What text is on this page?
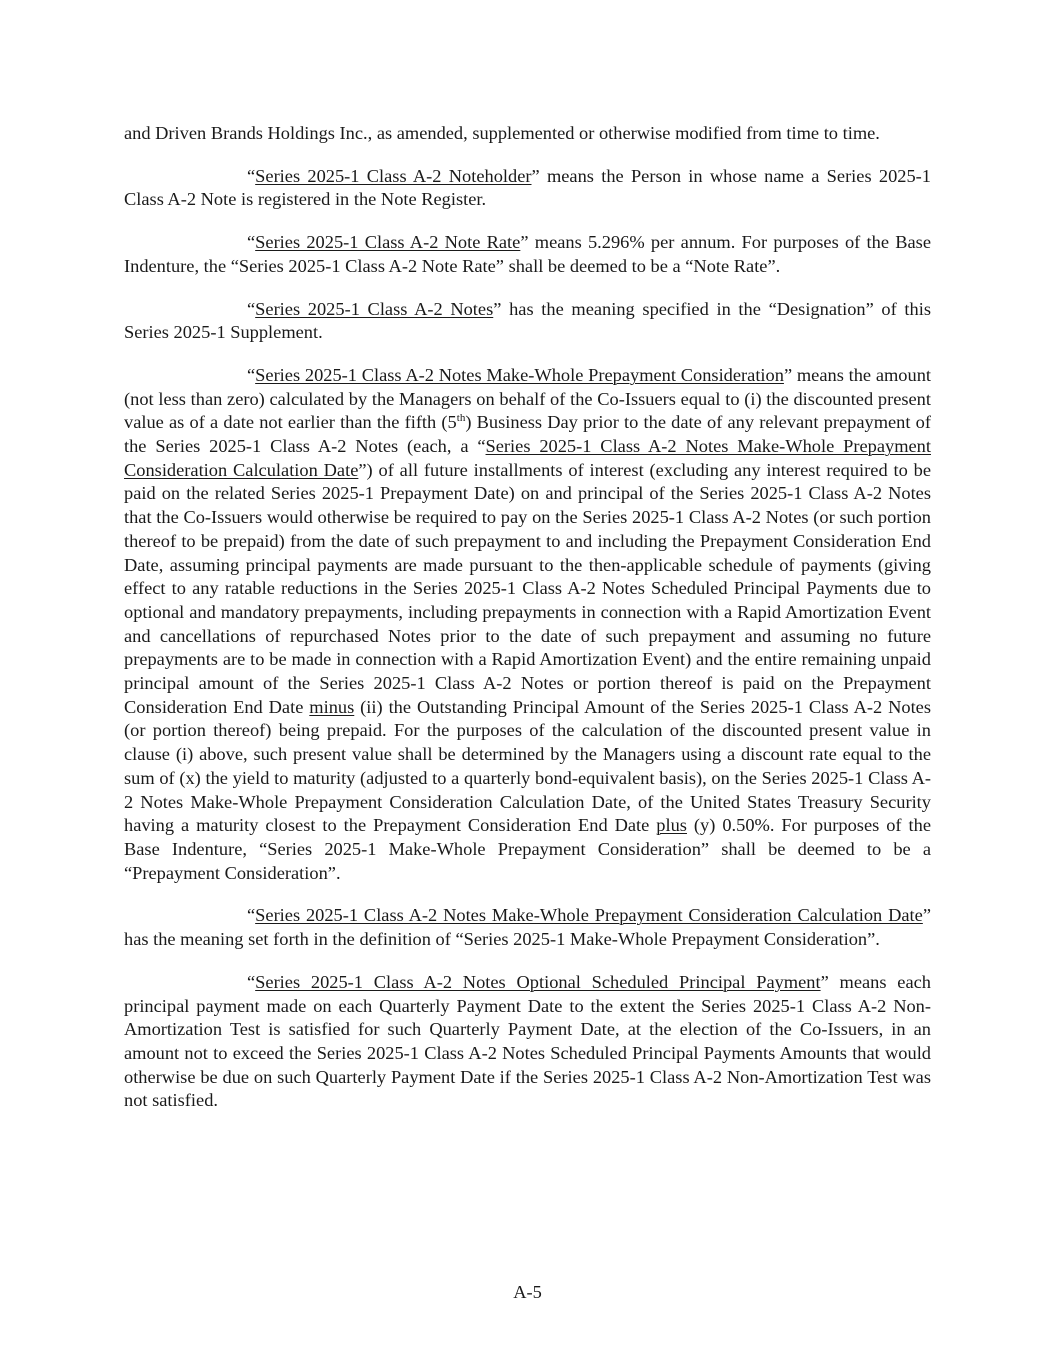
and Driven Brands Holdings Inc., as amended, supplemented or otherwise modified from time to time.

“Series 2025-1 Class A-2 Noteholder” means the Person in whose name a Series 2025-1 Class A-2 Note is registered in the Note Register.

“Series 2025-1 Class A-2 Note Rate” means 5.296% per annum. For purposes of the Base Indenture, the “Series 2025-1 Class A-2 Note Rate” shall be deemed to be a “Note Rate”.

“Series 2025-1 Class A-2 Notes” has the meaning specified in the “Designation” of this Series 2025-1 Supplement.

“Series 2025-1 Class A-2 Notes Make-Whole Prepayment Consideration” means the amount (not less than zero) calculated by the Managers on behalf of the Co-Issuers equal to (i) the discounted present value as of a date not earlier than the fifth (5th) Business Day prior to the date of any relevant prepayment of the Series 2025-1 Class A-2 Notes (each, a “Series 2025-1 Class A-2 Notes Make-Whole Prepayment Consideration Calculation Date”) of all future installments of interest (excluding any interest required to be paid on the related Series 2025-1 Prepayment Date) on and principal of the Series 2025-1 Class A-2 Notes that the Co-Issuers would otherwise be required to pay on the Series 2025-1 Class A-2 Notes (or such portion thereof to be prepaid) from the date of such prepayment to and including the Prepayment Consideration End Date, assuming principal payments are made pursuant to the then-applicable schedule of payments (giving effect to any ratable reductions in the Series 2025-1 Class A-2 Notes Scheduled Principal Payments due to optional and mandatory prepayments, including prepayments in connection with a Rapid Amortization Event and cancellations of repurchased Notes prior to the date of such prepayment and assuming no future prepayments are to be made in connection with a Rapid Amortization Event) and the entire remaining unpaid principal amount of the Series 2025-1 Class A-2 Notes or portion thereof is paid on the Prepayment Consideration End Date minus (ii) the Outstanding Principal Amount of the Series 2025-1 Class A-2 Notes (or portion thereof) being prepaid. For the purposes of the calculation of the discounted present value in clause (i) above, such present value shall be determined by the Managers using a discount rate equal to the sum of (x) the yield to maturity (adjusted to a quarterly bond-equivalent basis), on the Series 2025-1 Class A-2 Notes Make-Whole Prepayment Consideration Calculation Date, of the United States Treasury Security having a maturity closest to the Prepayment Consideration End Date plus (y) 0.50%. For purposes of the Base Indenture, “Series 2025-1 Make-Whole Prepayment Consideration” shall be deemed to be a “Prepayment Consideration”.

“Series 2025-1 Class A-2 Notes Make-Whole Prepayment Consideration Calculation Date” has the meaning set forth in the definition of “Series 2025-1 Make-Whole Prepayment Consideration”.

“Series 2025-1 Class A-2 Notes Optional Scheduled Principal Payment” means each principal payment made on each Quarterly Payment Date to the extent the Series 2025-1 Class A-2 Non-Amortization Test is satisfied for such Quarterly Payment Date, at the election of the Co-Issuers, in an amount not to exceed the Series 2025-1 Class A-2 Notes Scheduled Principal Payments Amounts that would otherwise be due on such Quarterly Payment Date if the Series 2025-1 Class A-2 Non-Amortization Test was not satisfied.

A-5
